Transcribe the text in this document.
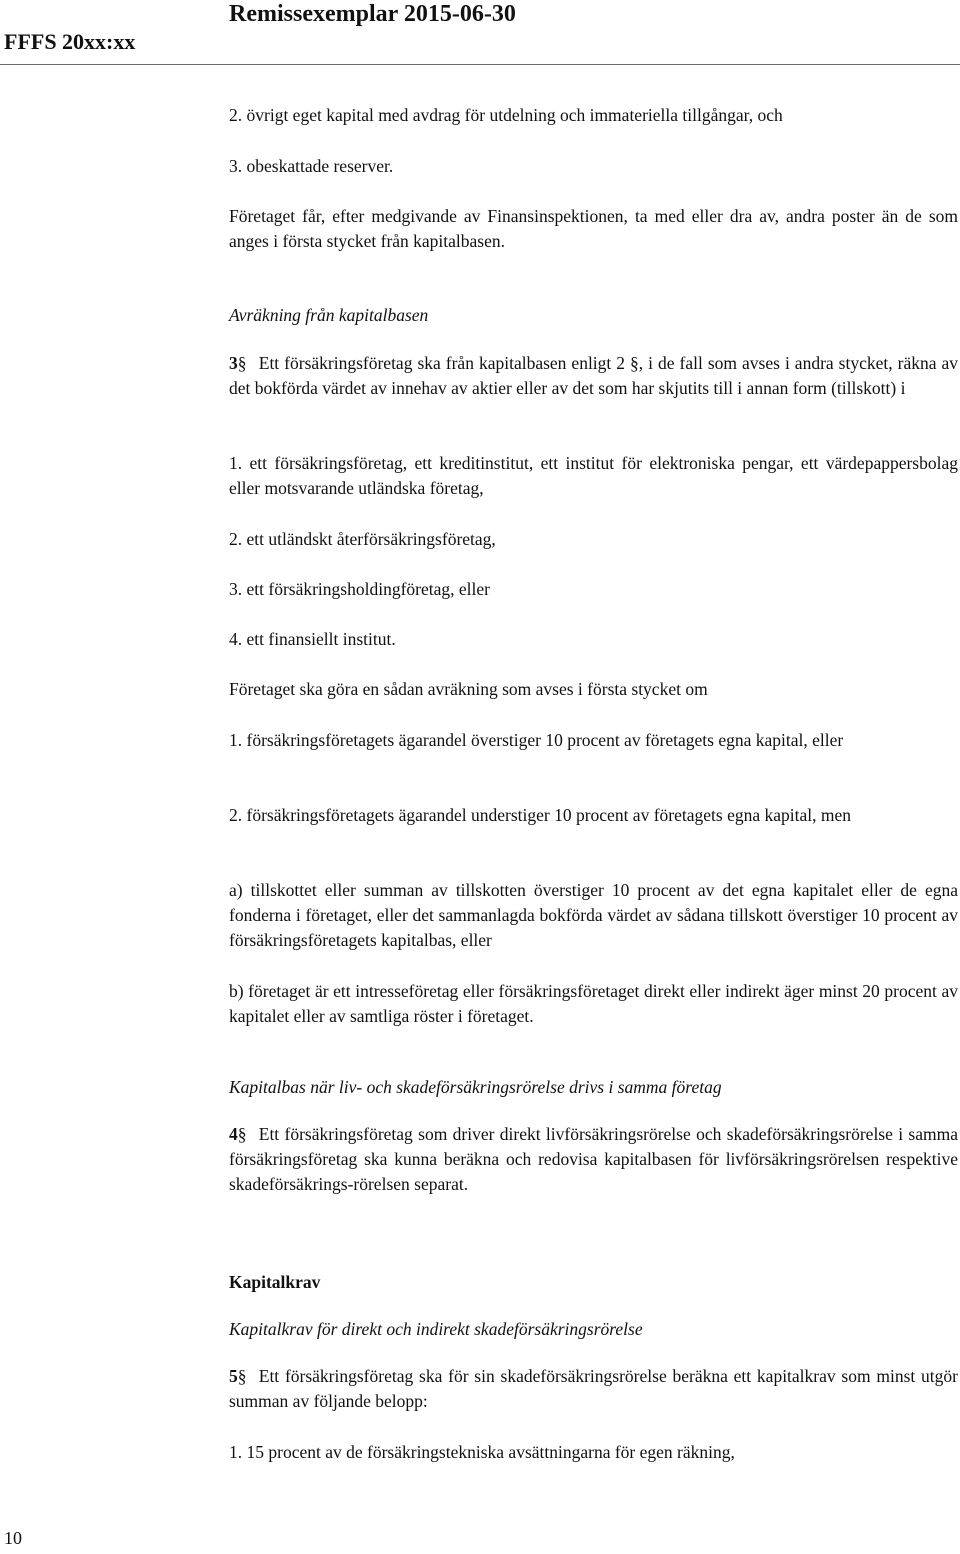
FFFS 20xx:xx
Remissexemplar 2015-06-30

2. övrigt eget kapital med avdrag för utdelning och immateriella tillgångar, och

3. obeskattade reserver.

Företaget får, efter medgivande av Finansinspektionen, ta med eller dra av, andra poster än de som anges i första stycket från kapitalbasen.

Avräkning från kapitalbasen

3§ Ett försäkringsföretag ska från kapitalbasen enligt 2 §, i de fall som avses i andra stycket, räkna av det bokförda värdet av innehav av aktier eller av det som har skjutits till i annan form (tillskott) i

1. ett försäkringsföretag, ett kreditinstitut, ett institut för elektroniska pengar, ett värdepappersbolag eller motsvarande utländska företag,

2. ett utländskt återförsäkringsföretag,

3. ett försäkringsholdingföretag, eller

4. ett finansiellt institut.

Företaget ska göra en sådan avräkning som avses i första stycket om

1. försäkringsföretagets ägarandel överstiger 10 procent av företagets egna kapital, eller

2. försäkringsföretagets ägarandel understiger 10 procent av företagets egna kapital, men

a) tillskottet eller summan av tillskotten överstiger 10 procent av det egna kapitalet eller de egna fonderna i företaget, eller det sammanlagda bokförda värdet av sådana tillskott överstiger 10 procent av försäkringsföretagets kapitalbas, eller

b) företaget är ett intresseföretag eller försäkringsföretaget direkt eller indirekt äger minst 20 procent av kapitalet eller av samtliga röster i företaget.

Kapitalbas när liv- och skadeförsäkringsrörelse drivs i samma företag

4§ Ett försäkringsföretag som driver direkt livförsäkringsrörelse och skadeförsäkringsrörelse i samma försäkringsföretag ska kunna beräkna och redovisa kapitalbasen för livförsäkringsrörelsen respektive skadeförsäkrings-rörelsen separat.

Kapitalkrav

Kapitalkrav för direkt och indirekt skadeförsäkringsrörelse

5§ Ett försäkringsföretag ska för sin skadeförsäkringsrörelse beräkna ett kapitalkrav som minst utgör summan av följande belopp:

1. 15 procent av de försäkringstekniska avsättningarna för egen räkning,

10
